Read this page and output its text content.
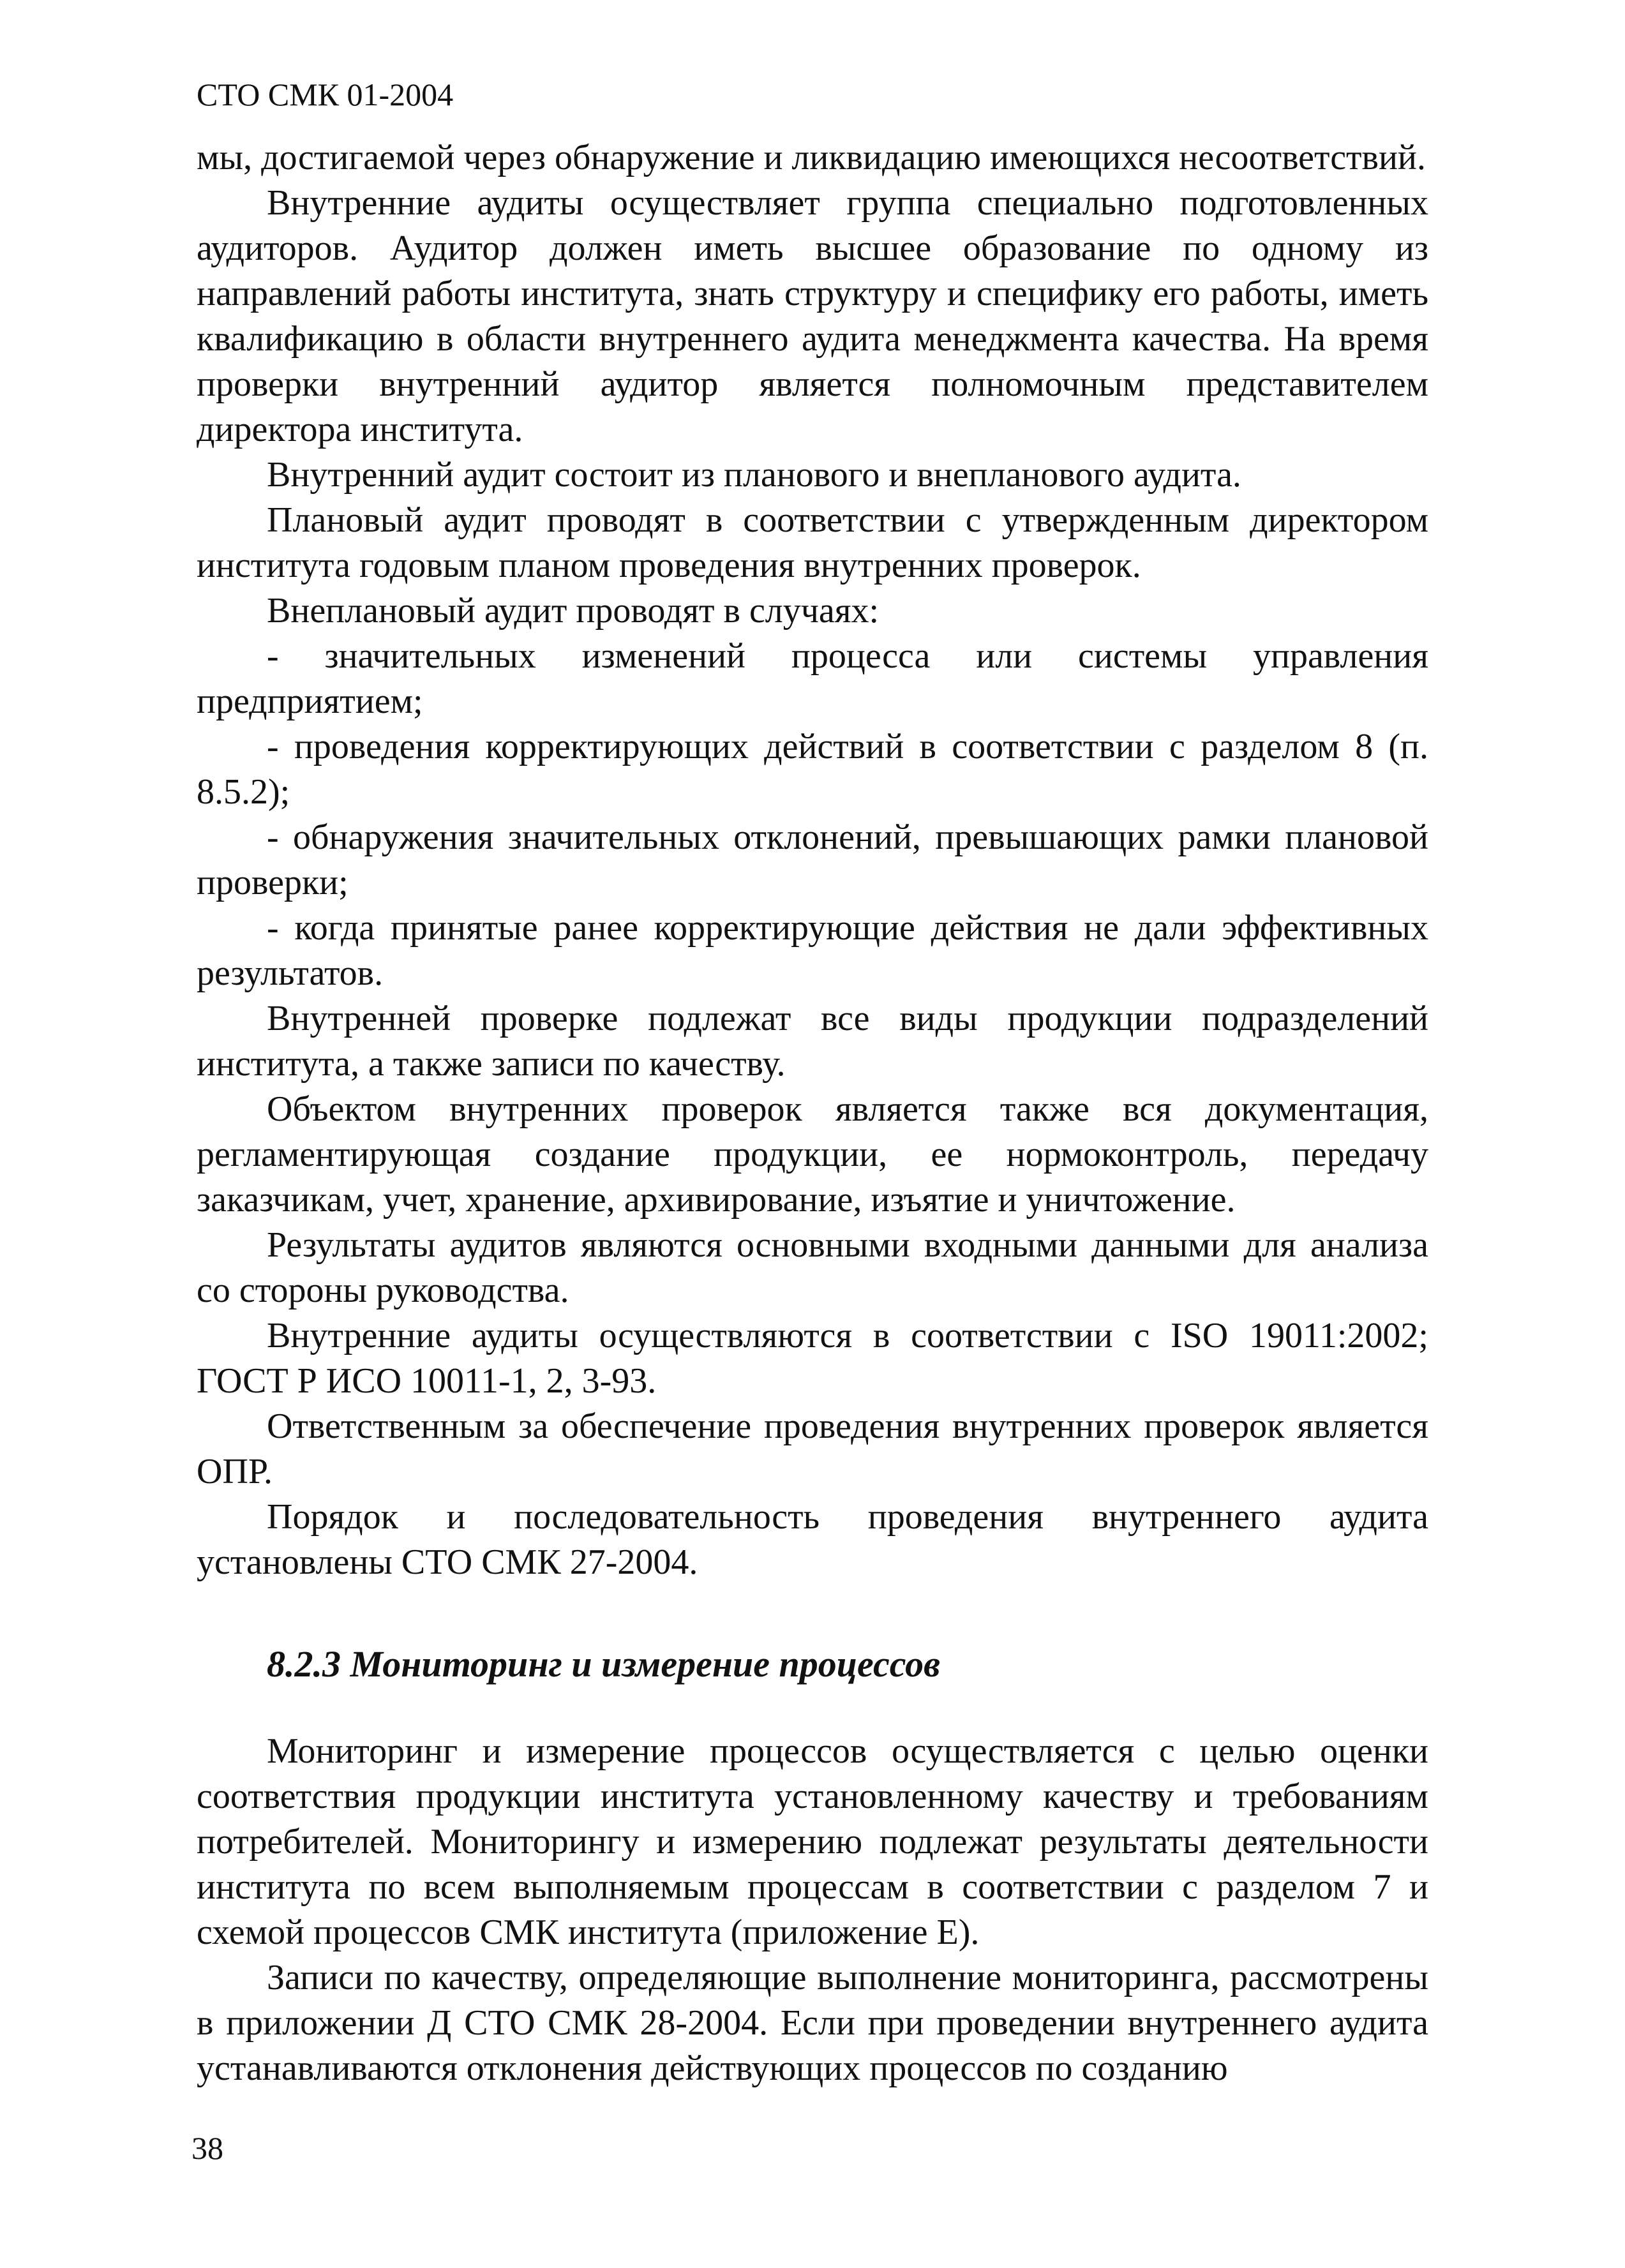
СТО СМК 01-2004

мы, достигаемой через обнаружение и ликвидацию имеющихся несоответствий.

Внутренние аудиты осуществляет группа специально подготовленных аудиторов. Аудитор должен иметь высшее образование по одному из направлений работы института, знать структуру и специфику его работы, иметь квалификацию в области внутреннего аудита менеджмента качества. На время проверки внутренний аудитор является полномочным представителем директора института.

Внутренний аудит состоит из планового и внепланового аудита.

Плановый аудит проводят в соответствии с утвержденным директором института годовым планом проведения внутренних проверок.

Внеплановый аудит проводят в случаях:

- значительных изменений процесса или системы управления предприятием;

- проведения корректирующих действий в соответствии с разделом 8 (п. 8.5.2);

- обнаружения значительных отклонений, превышающих рамки плановой проверки;

- когда принятые ранее корректирующие действия не дали эффективных результатов.

Внутренней проверке подлежат все виды продукции подразделений института, а также записи по качеству.

Объектом внутренних проверок является также вся документация, регламентирующая создание продукции, ее нормоконтроль, передачу заказчикам, учет, хранение, архивирование, изъятие и уничтожение.

Результаты аудитов являются основными входными данными для анализа со стороны руководства.

Внутренние аудиты осуществляются в соответствии с ISO 19011:2002; ГОСТ Р ИСО 10011-1, 2, 3-93.

Ответственным за обеспечение проведения внутренних проверок является ОПР.

Порядок и последовательность проведения внутреннего аудита установлены СТО СМК 27-2004.

8.2.3 Мониторинг и измерение процессов

Мониторинг и измерение процессов осуществляется с целью оценки соответствия продукции института установленному качеству и требованиям потребителей. Мониторингу и измерению подлежат результаты деятельности института по всем выполняемым процессам в соответствии с разделом 7 и схемой процессов СМК института (приложение Е).

Записи по качеству, определяющие выполнение мониторинга, рассмотрены в приложении Д СТО СМК 28-2004. Если при проведении внутреннего аудита устанавливаются отклонения действующих процессов по созданию

38
